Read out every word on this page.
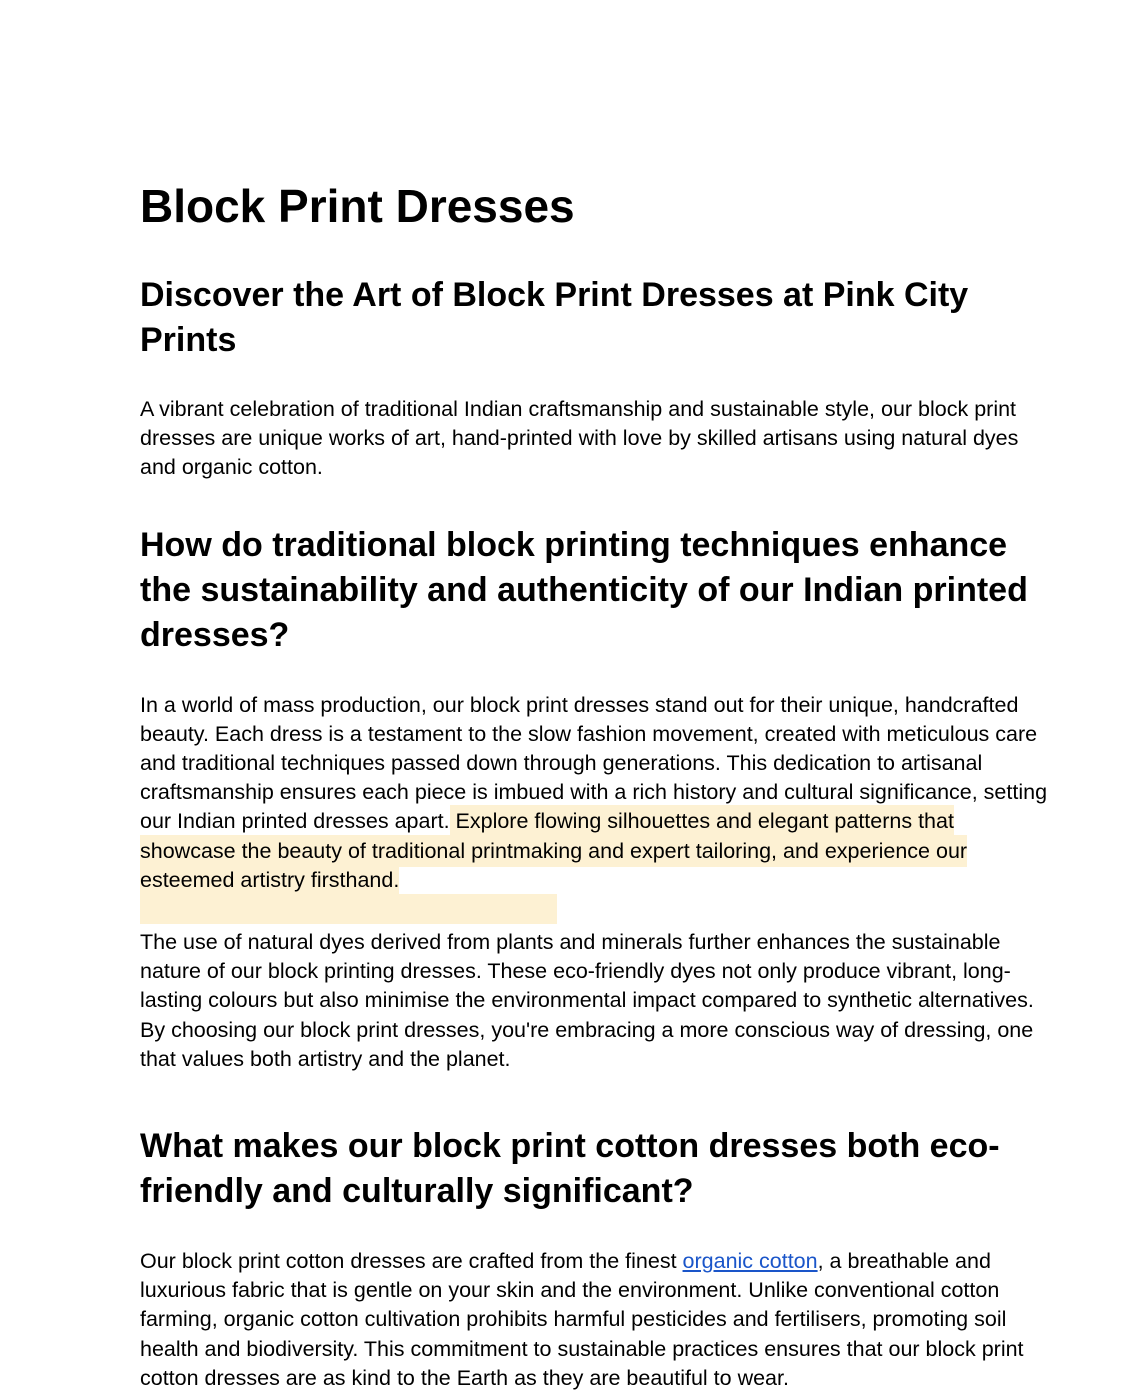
Block Print Dresses
Discover the Art of Block Print Dresses at Pink City Prints

A vibrant celebration of traditional Indian craftsmanship and sustainable style, our block print dresses are unique works of art, hand-printed with love by skilled artisans using natural dyes and organic cotton.

How do traditional block printing techniques enhance the sustainability and authenticity of our Indian printed dresses?

In a world of mass production, our block print dresses stand out for their unique, handcrafted beauty. Each dress is a testament to the slow fashion movement, created with meticulous care and traditional techniques passed down through generations. This dedication to artisanal craftsmanship ensures each piece is imbued with a rich history and cultural significance, setting our Indian printed dresses apart. Explore flowing silhouettes and elegant patterns that showcase the beauty of traditional printmaking and expert tailoring, and experience our esteemed artistry firsthand.

The use of natural dyes derived from plants and minerals further enhances the sustainable nature of our block printing dresses. These eco-friendly dyes not only produce vibrant, long-lasting colours but also minimise the environmental impact compared to synthetic alternatives. By choosing our block print dresses, you're embracing a more conscious way of dressing, one that values both artistry and the planet.

What makes our block print cotton dresses both eco-friendly and culturally significant?

Our block print cotton dresses are crafted from the finest organic cotton, a breathable and luxurious fabric that is gentle on your skin and the environment. Unlike conventional cotton farming, organic cotton cultivation prohibits harmful pesticides and fertilisers, promoting soil health and biodiversity. This commitment to sustainable practices ensures that our block print cotton dresses are as kind to the Earth as they are beautiful to wear.
